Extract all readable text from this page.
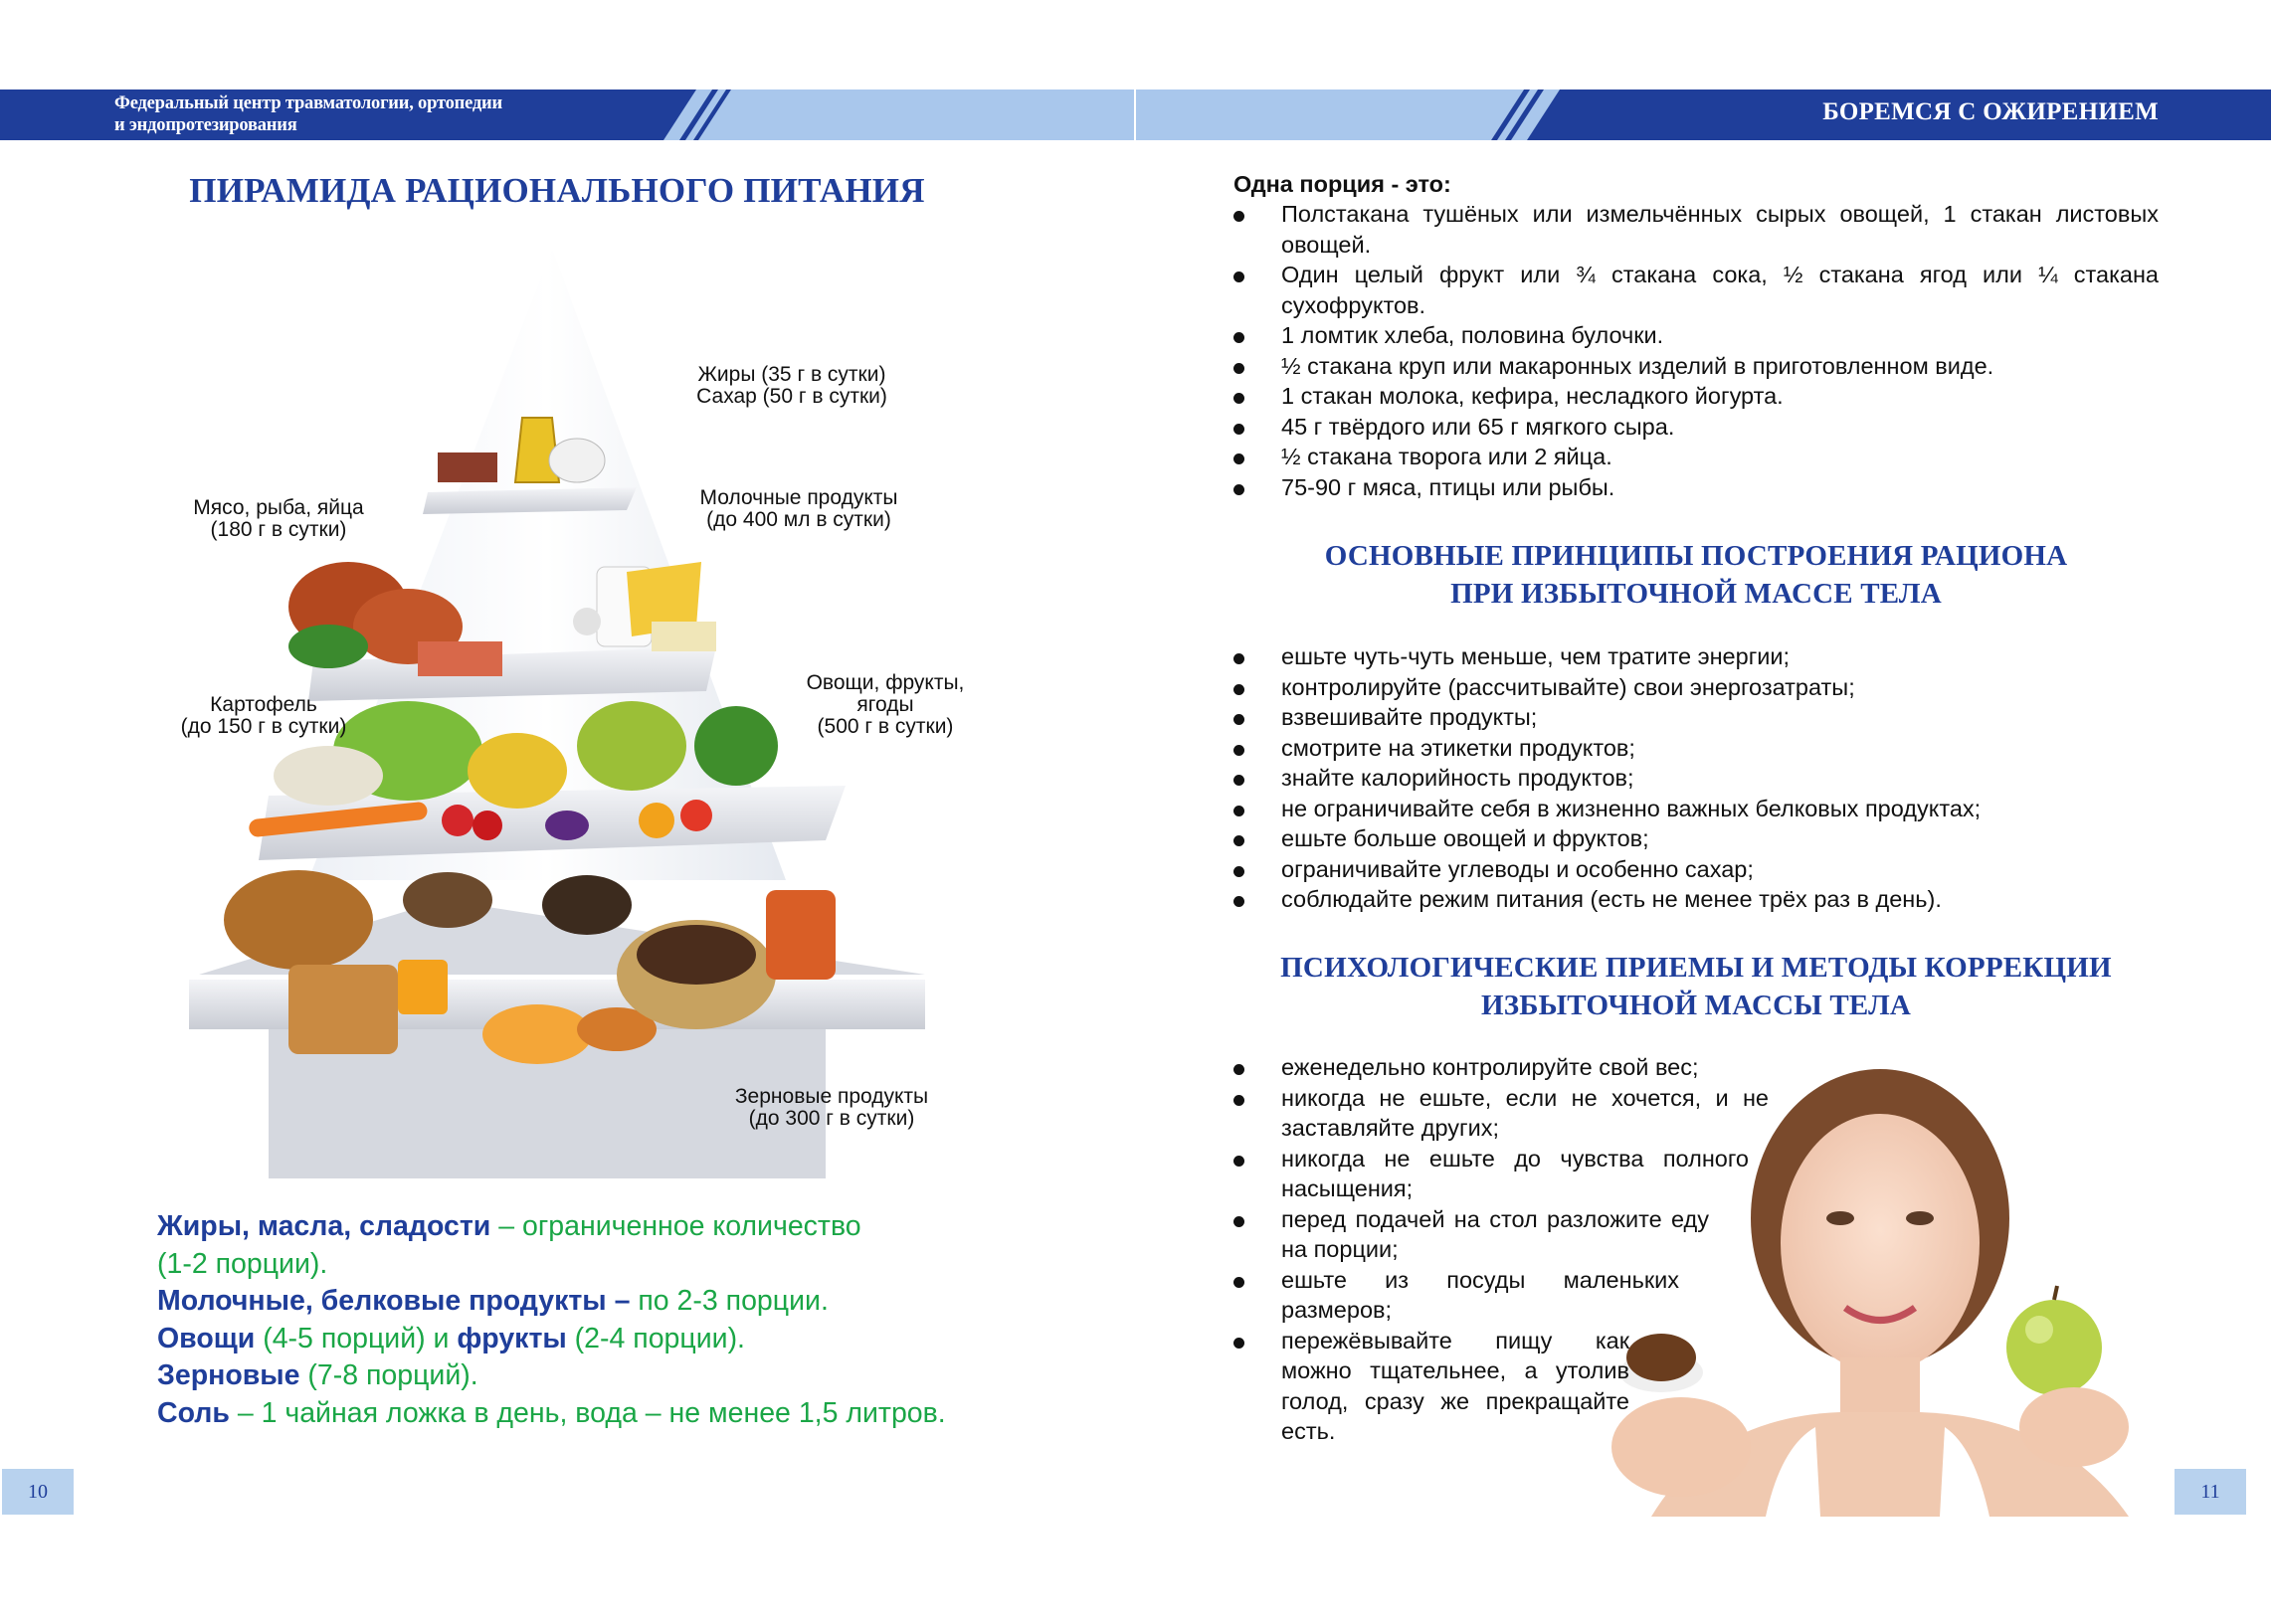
Федеральный центр травматологии, ортопедии
и эндопротезирования	БОРЕМСЯ С ОЖИРЕНИЕМ
ПИРАМИДА РАЦИОНАЛЬНОГО ПИТАНИЯ
Жиры (35 г в сутки)
Сахар (50 г в сутки)
Молочные продукты
(до 400 мл в сутки)
Мясо, рыба, яйца
(180 г в сутки)
Картофель
(до 150 г в сутки)
Овощи, фрукты,
ягоды
(500 г в сутки)
Зерновые продукты
(до 300 г в сутки)
Жиры, масла, сладости – ограниченное количество
(1-2 порции).
Молочные, белковые продукты – по 2-3 порции.
Овощи (4-5 порций) и фрукты (2-4 порции).
Зерновые (7-8 порций).
Соль – 1 чайная ложка в день, вода – не менее 1,5 литров.
10
Одна порция - это:
Полстакана тушёных или измельчённых сырых овощей, 1 стакан листовых овощей.
Один целый фрукт или ¾ стакана сока, ½ стакана ягод или ¼ стакана сухофруктов.
1 ломтик хлеба, половина булочки.
½ стакана круп или макаронных изделий в приготовленном виде.
1 стакан молока, кефира, несладкого йогурта.
45 г твёрдого или 65 г мягкого сыра.
½ стакана творога или 2 яйца.
75-90 г мяса, птицы или рыбы.
ОСНОВНЫЕ ПРИНЦИПЫ ПОСТРОЕНИЯ РАЦИОНА
ПРИ ИЗБЫТОЧНОЙ МАССЕ ТЕЛА
ешьте чуть-чуть меньше, чем тратите энергии;
контролируйте (рассчитывайте) свои энергозатраты;
взвешивайте продукты;
смотрите на этикетки продуктов;
знайте калорийность продуктов;
не ограничивайте себя в жизненно важных белковых продуктах;
ешьте больше овощей и фруктов;
ограничивайте углеводы и особенно сахар;
соблюдайте режим питания (есть не менее трёх раз в день).
ПСИХОЛОГИЧЕСКИЕ ПРИЕМЫ И МЕТОДЫ КОРРЕКЦИИ
ИЗБЫТОЧНОЙ МАССЫ ТЕЛА
еженедельно контролируйте свой вес;
никогда не ешьте, если не хочется, и не заставляйте других;
никогда не ешьте до чувства полного насыщения;
перед подачей на стол разложите еду на порции;
ешьте из посуды маленьких размеров;
пережёвывайте пищу как можно тщательнее, а утолив голод, сразу же прекращайте есть.
11
